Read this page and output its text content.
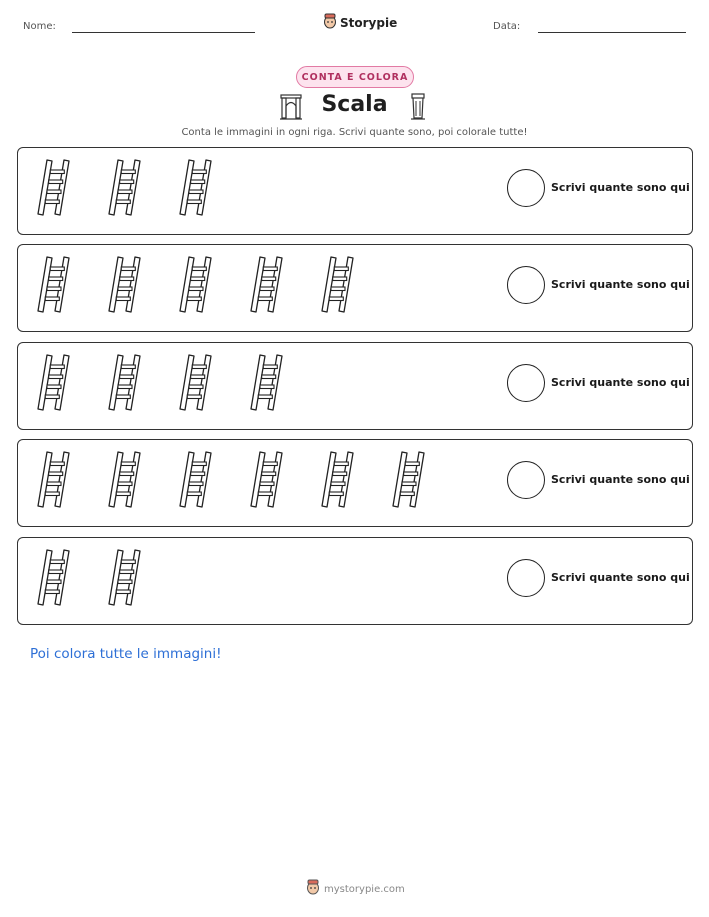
Nome:	Storypie	Data:
CONTA E COLORA
Scala
Conta le immagini in ogni riga. Scrivi quante sono, poi colorale tutte!
Scrivi quante sono qui
Scrivi quante sono qui
Scrivi quante sono qui
Scrivi quante sono qui
Scrivi quante sono qui
Poi colora tutte le immagini!
mystorypie.com
